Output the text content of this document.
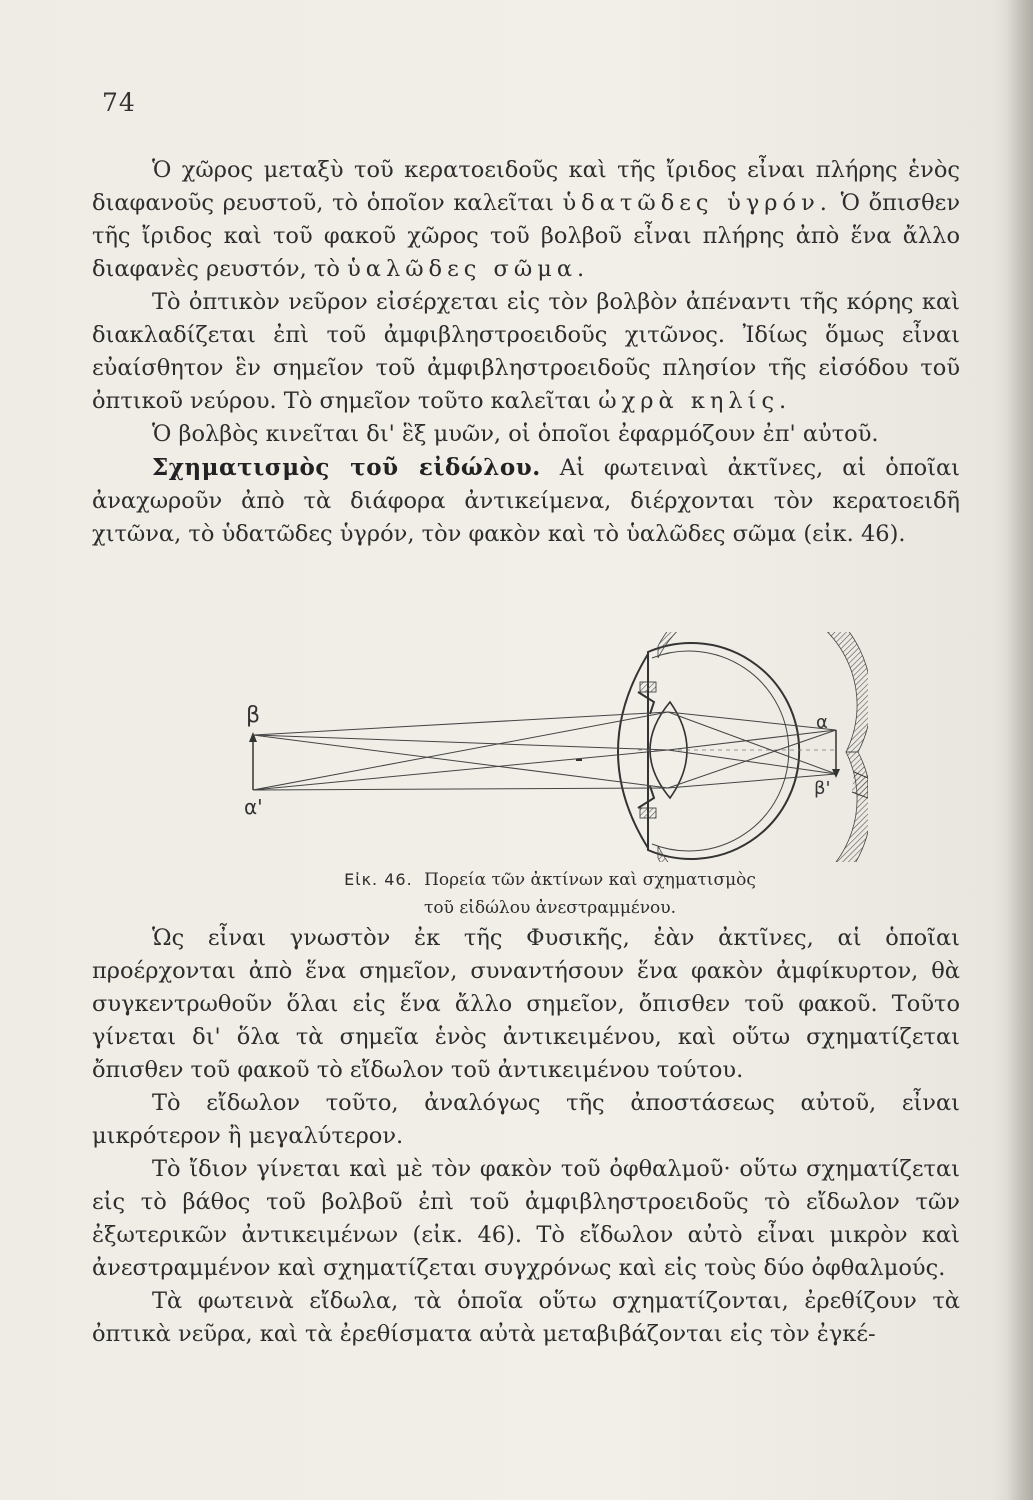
74

Ὁ χῶρος μεταξὺ τοῦ κερατοειδοῦς καὶ τῆς ἴριδος εἶναι πλήρης ἑνὸς διαφανοῦς ρευστοῦ, τὸ ὁποῖον καλεῖται ὑδατῶδες ὑγρόν. Ὁ ὄπισθεν τῆς ἴριδος καὶ τοῦ φακοῦ χῶρος τοῦ βολβοῦ εἶναι πλήρης ἀπὸ ἕνα ἄλλο διαφανὲς ρευστόν, τὸ ὑαλῶδες σῶμα.

Τὸ ὀπτικὸν νεῦρον εἰσέρχεται εἰς τὸν βολβὸν ἀπέναντι τῆς κόρης καὶ διακλαδίζεται ἐπὶ τοῦ ἀμφιβληστροειδοῦς χιτῶνος. Ἰδίως ὅμως εἶναι εὐαίσθητον ἓν σημεῖον τοῦ ἀμφιβληστροειδοῦς πλησίον τῆς εἰσόδου τοῦ ὀπτικοῦ νεύρου. Τὸ σημεῖον τοῦτο καλεῖται ὠχρὰ κηλίς.

Ὁ βολβὸς κινεῖται δι' ἓξ μυῶν, οἱ ὁποῖοι ἐφαρμόζουν ἐπ' αὐτοῦ.

Σχηματισμὸς τοῦ εἰδώλου. Αἱ φωτειναὶ ἀκτῖνες, αἱ ὁποῖαι ἀναχωροῦν ἀπὸ τὰ διάφορα ἀντικείμενα, διέρχονται τὸν κερατοειδῆ χιτῶνα, τὸ ὑδατῶδες ὑγρόν, τὸν φακὸν καὶ τὸ ὑαλῶδες σῶμα (εἰκ. 46).

β
α'
α
β'
Εἰκ. 46. Πορεία τῶν ἀκτίνων καὶ σχηματισμὸς
τοῦ εἰδώλου ἀνεστραμμένου.

Ὡς εἶναι γνωστὸν ἐκ τῆς Φυσικῆς, ἐὰν ἀκτῖνες, αἱ ὁποῖαι προέρχονται ἀπὸ ἕνα σημεῖον, συναντήσουν ἕνα φακὸν ἀμφίκυρτον, θὰ συγκεντρωθοῦν ὅλαι εἰς ἕνα ἄλλο σημεῖον, ὄπισθεν τοῦ φακοῦ. Τοῦτο γίνεται δι' ὅλα τὰ σημεῖα ἑνὸς ἀντικειμένου, καὶ οὕτω σχηματίζεται ὄπισθεν τοῦ φακοῦ τὸ εἴδωλον τοῦ ἀντικειμένου τούτου.

Τὸ εἴδωλον τοῦτο, ἀναλόγως τῆς ἀποστάσεως αὐτοῦ, εἶναι μικρότερον ἢ μεγαλύτερον.

Τὸ ἴδιον γίνεται καὶ μὲ τὸν φακὸν τοῦ ὀφθαλμοῦ· οὕτω σχηματίζεται εἰς τὸ βάθος τοῦ βολβοῦ ἐπὶ τοῦ ἀμφιβληστροειδοῦς τὸ εἴδωλον τῶν ἐξωτερικῶν ἀντικειμένων (εἰκ. 46). Τὸ εἴδωλον αὐτὸ εἶναι μικρὸν καὶ ἀνεστραμμένον καὶ σχηματίζεται συγχρόνως καὶ εἰς τοὺς δύο ὀφθαλμούς.

Τὰ φωτεινὰ εἴδωλα, τὰ ὁποῖα οὕτω σχηματίζονται, ἐρεθίζουν τὰ ὀπτικὰ νεῦρα, καὶ τὰ ἐρεθίσματα αὐτὰ μεταβιβάζονται εἰς τὸν ἐγκέ-
